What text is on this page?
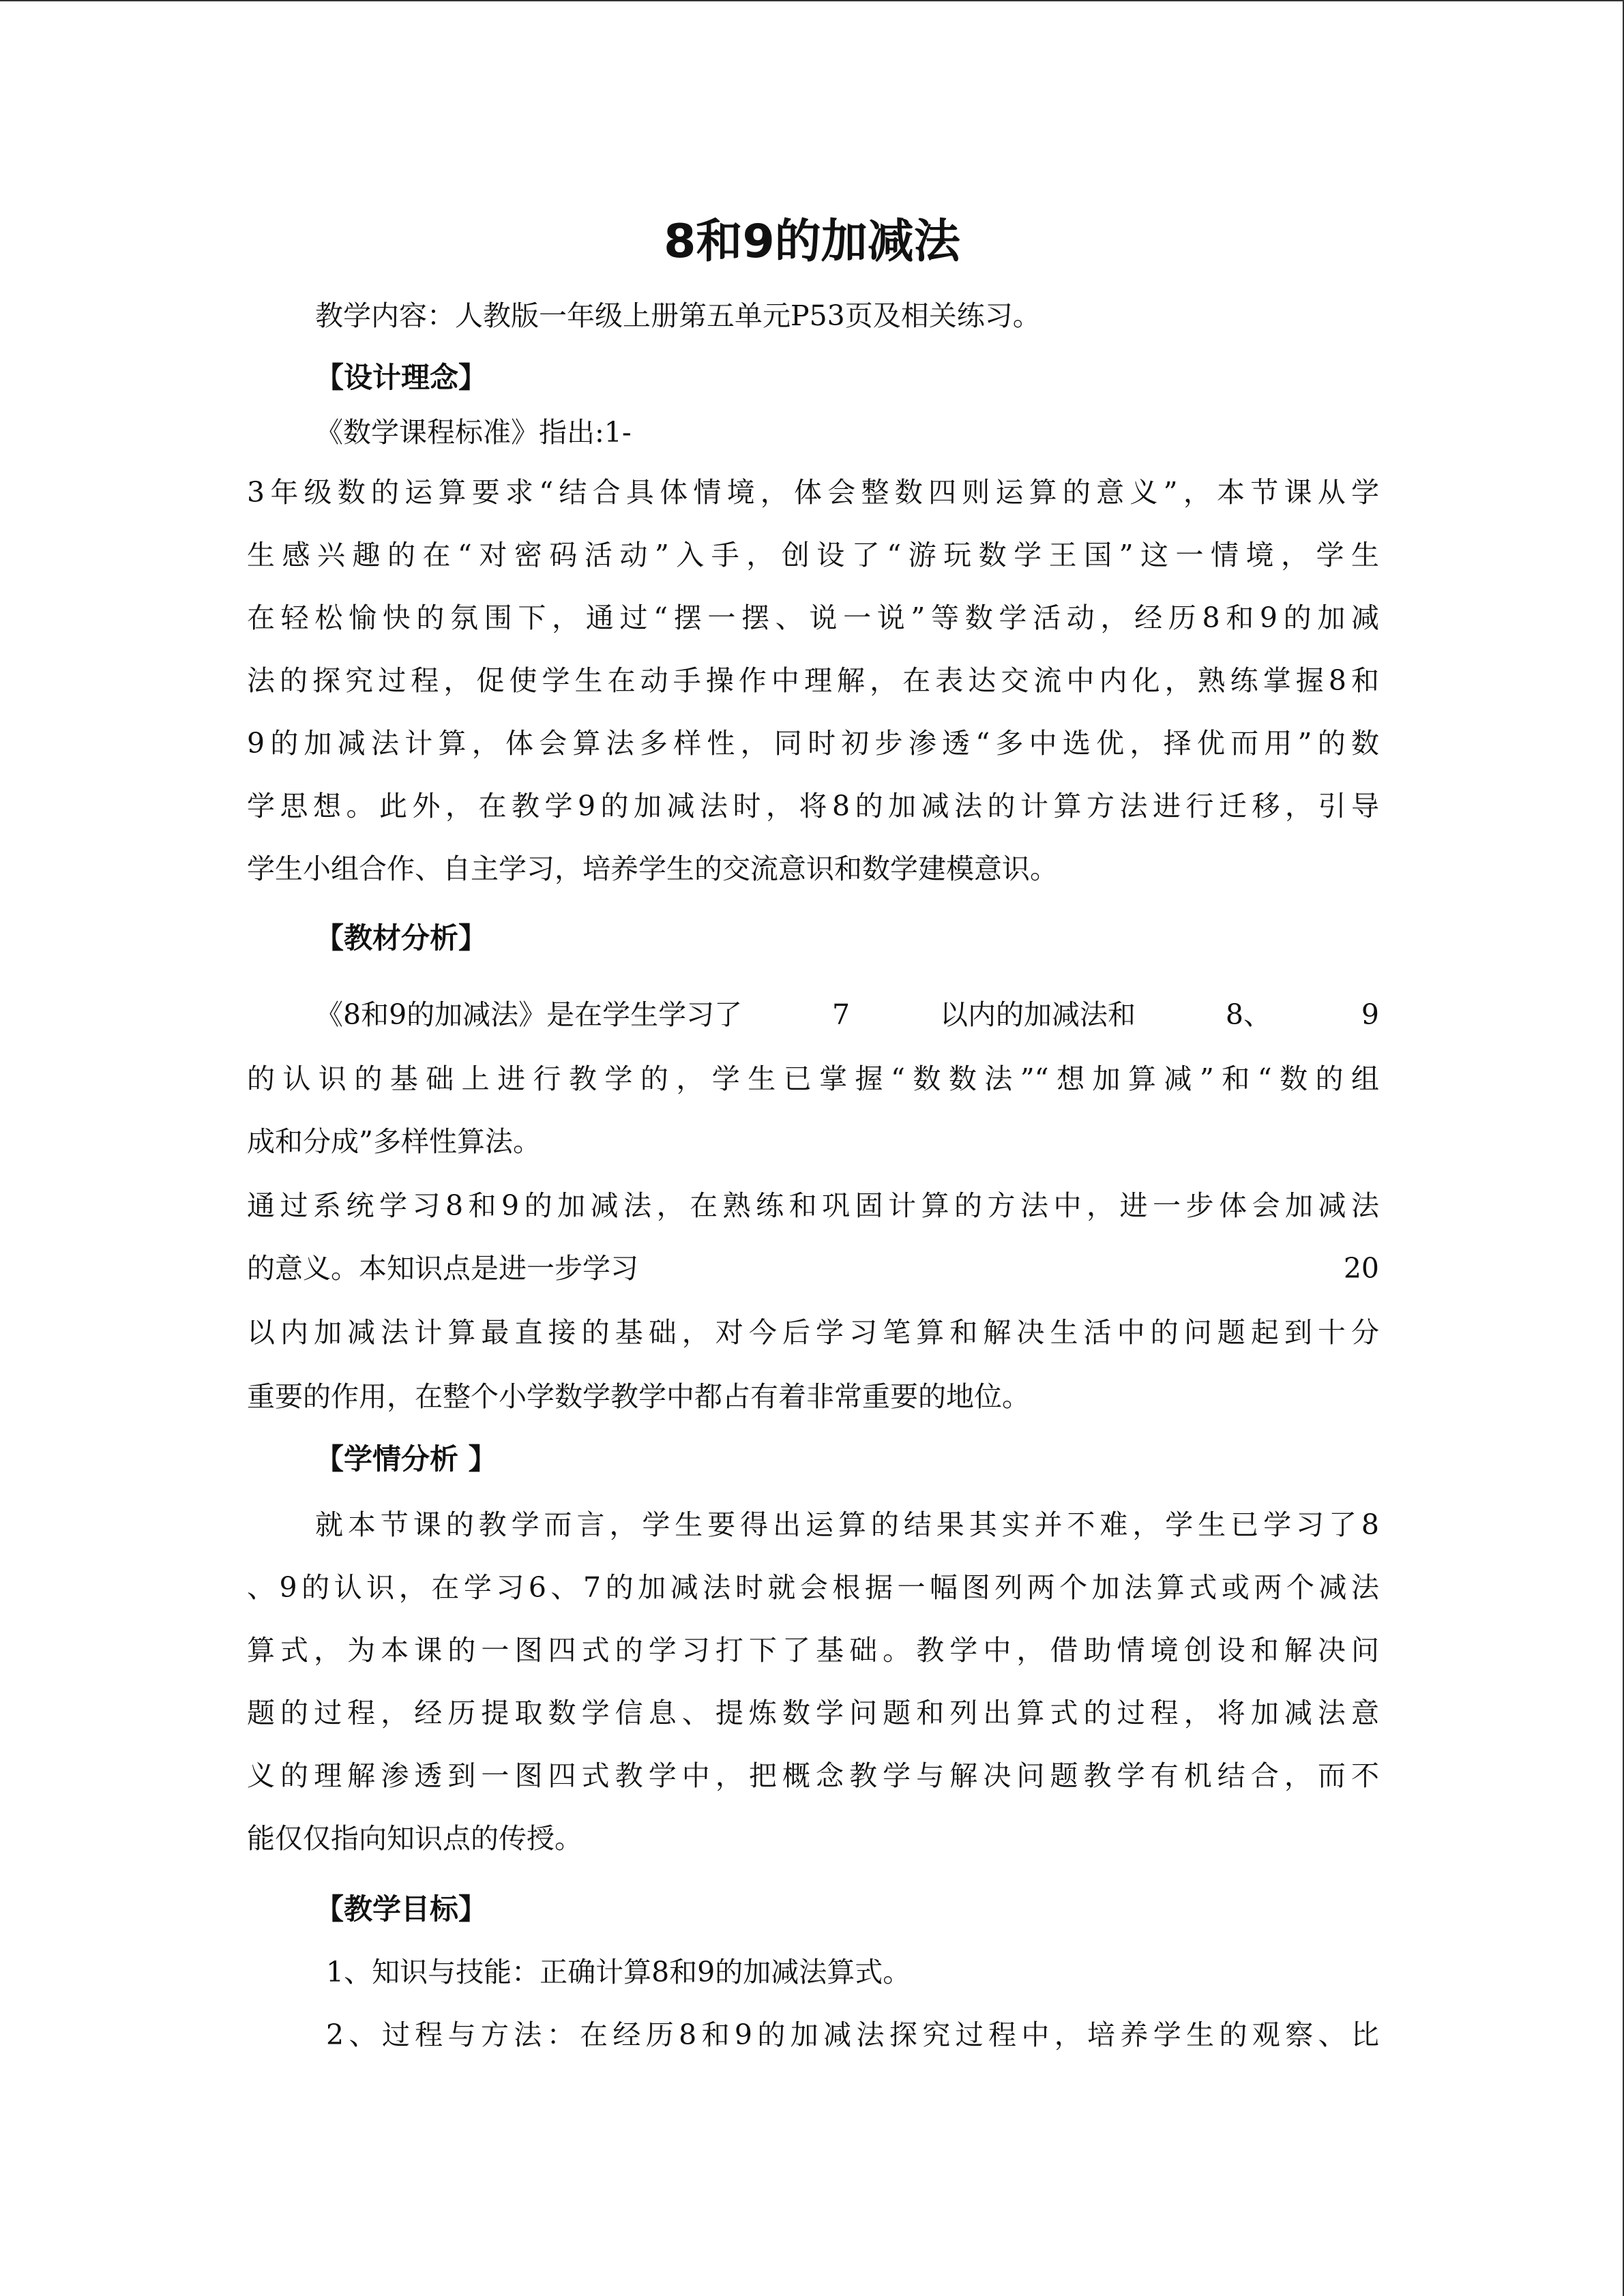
8和9的加减法
教学内容：人教版一年级上册第五单元P53页及相关练习。
【设计理念】
《数学课程标准》指出:1-
3年级数的运算要求“结合具体情境，体会整数四则运算的意义”，本节课从学
生感兴趣的在“对密码活动”入手，创设了“游玩数学王国”这一情境，学生
在轻松愉快的氛围下，通过“摆一摆、说一说”等数学活动，经历8和9的加减
法的探究过程，促使学生在动手操作中理解，在表达交流中内化，熟练掌握8和
9的加减法计算，体会算法多样性，同时初步渗透“多中选优，择优而用”的数
学思想。此外，在教学9的加减法时，将8的加减法的计算方法进行迁移，引导
学生小组合作、自主学习，培养学生的交流意识和数学建模意识。
【教材分析】
《8和9的加减法》是在学生学习了	7	以内的加减法和	8、	9
的认识的基础上进行教学的，学生已掌握“数数法”“想加算减”和“数的组
成和分成”多样性算法。
通过系统学习8和9的加减法，在熟练和巩固计算的方法中，进一步体会加减法
的意义。本知识点是进一步学习	20
以内加减法计算最直接的基础，对今后学习笔算和解决生活中的问题起到十分
重要的作用，在整个小学数学教学中都占有着非常重要的地位。
【学情分析 】
就本节课的教学而言，学生要得出运算的结果其实并不难，学生已学习了8
、9的认识，在学习6、7的加减法时就会根据一幅图列两个加法算式或两个减法
算式，为本课的一图四式的学习打下了基础。教学中，借助情境创设和解决问
题的过程，经历提取数学信息、提炼数学问题和列出算式的过程，将加减法意
义的理解渗透到一图四式教学中，把概念教学与解决问题教学有机结合，而不
能仅仅指向知识点的传授。
【教学目标】
1、知识与技能：正确计算8和9的加减法算式。
2、过程与方法：在经历8和9的加减法探究过程中，培养学生的观察、比
